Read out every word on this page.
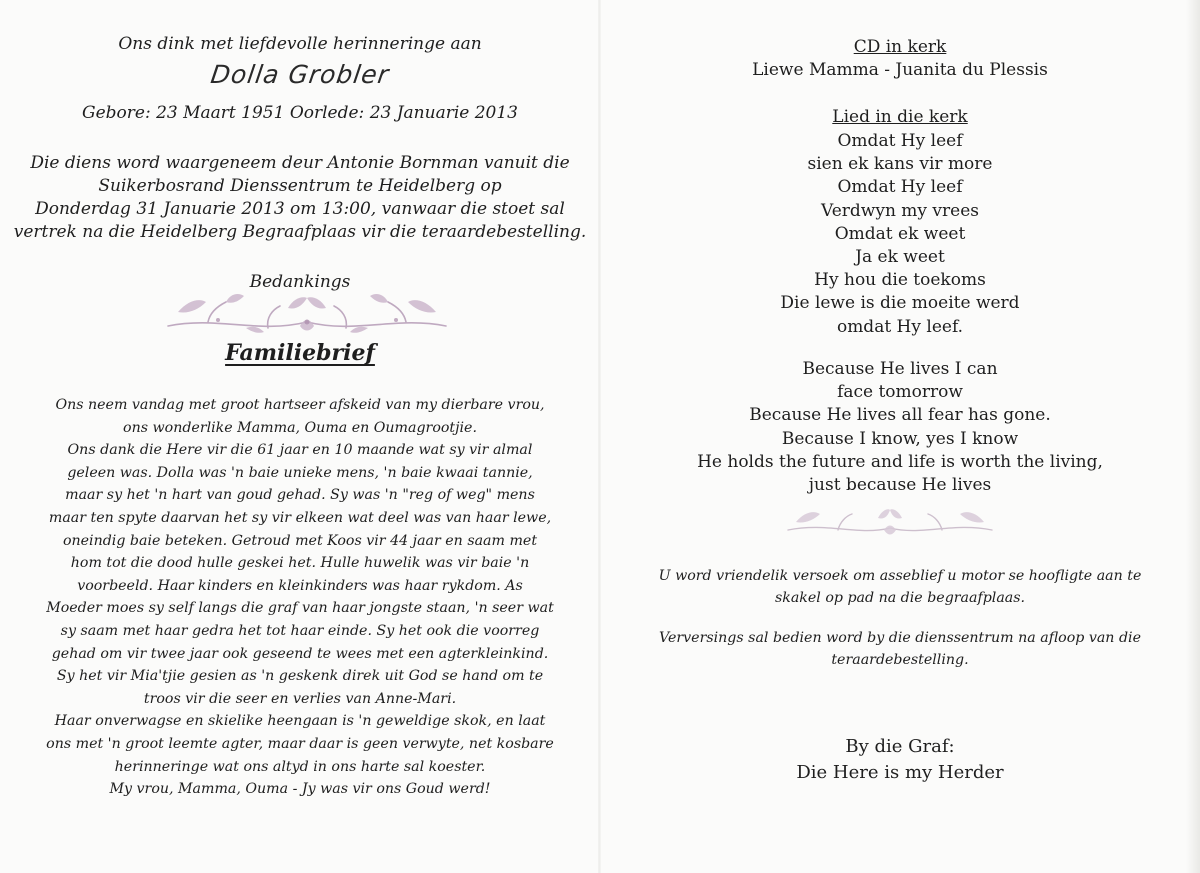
Ons dink met liefdevolle herinneringe aan
Dolla Grobler
Gebore: 23 Maart 1951 Oorlede: 23 Januarie 2013
Die diens word waargeneem deur Antonie Bornman vanuit die
Suikerbosrand Dienssentrum te Heidelberg op
Donderdag 31 Januarie 2013 om 13:00, vanwaar die stoet sal
vertrek na die Heidelberg Begraafplaas vir die teraardebestelling.
Bedankings
Familiebrief
Ons neem vandag met groot hartseer afskeid van my dierbare vrou,
ons wonderlike Mamma, Ouma en Oumagrootjie.
Ons dank die Here vir die 61 jaar en 10 maande wat sy vir almal
geleen was. Dolla was 'n baie unieke mens, 'n baie kwaai tannie,
maar sy het 'n hart van goud gehad. Sy was 'n "reg of weg" mens
maar ten spyte daarvan het sy vir elkeen wat deel was van haar lewe,
oneindig baie beteken. Getroud met Koos vir 44 jaar en saam met
hom tot die dood hulle geskei het. Hulle huwelik was vir baie 'n
voorbeeld. Haar kinders en kleinkinders was haar rykdom. As
Moeder moes sy self langs die graf van haar jongste staan, 'n seer wat
sy saam met haar gedra het tot haar einde. Sy het ook die voorreg
gehad om vir twee jaar ook geseend te wees met een agterkleinkind.
Sy het vir Mia'tjie gesien as 'n geskenk direk uit God se hand om te
troos vir die seer en verlies van Anne-Mari.
Haar onverwagse en skielike heengaan is 'n geweldige skok, en laat
ons met 'n groot leemte agter, maar daar is geen verwyte, net kosbare
herinneringe wat ons altyd in ons harte sal koester.
My vrou, Mamma, Ouma - Jy was vir ons Goud werd!
CD in kerk
Liewe Mamma - Juanita du Plessis
Lied in die kerk
Omdat Hy leef
sien ek kans vir more
Omdat Hy leef
Verdwyn my vrees
Omdat ek weet
Ja ek weet
Hy hou die toekoms
Die lewe is die moeite werd
omdat Hy leef.
Because He lives I can
face tomorrow
Because He lives all fear has gone.
Because I know, yes I know
He holds the future and life is worth the living,
just because He lives
U word vriendelik versoek om asseblief u motor se hoofligte aan te
skakel op pad na die begraafplaas.
Verversings sal bedien word by die dienssentrum na afloop van die
teraardebestelling.
By die Graf:
Die Here is my Herder
